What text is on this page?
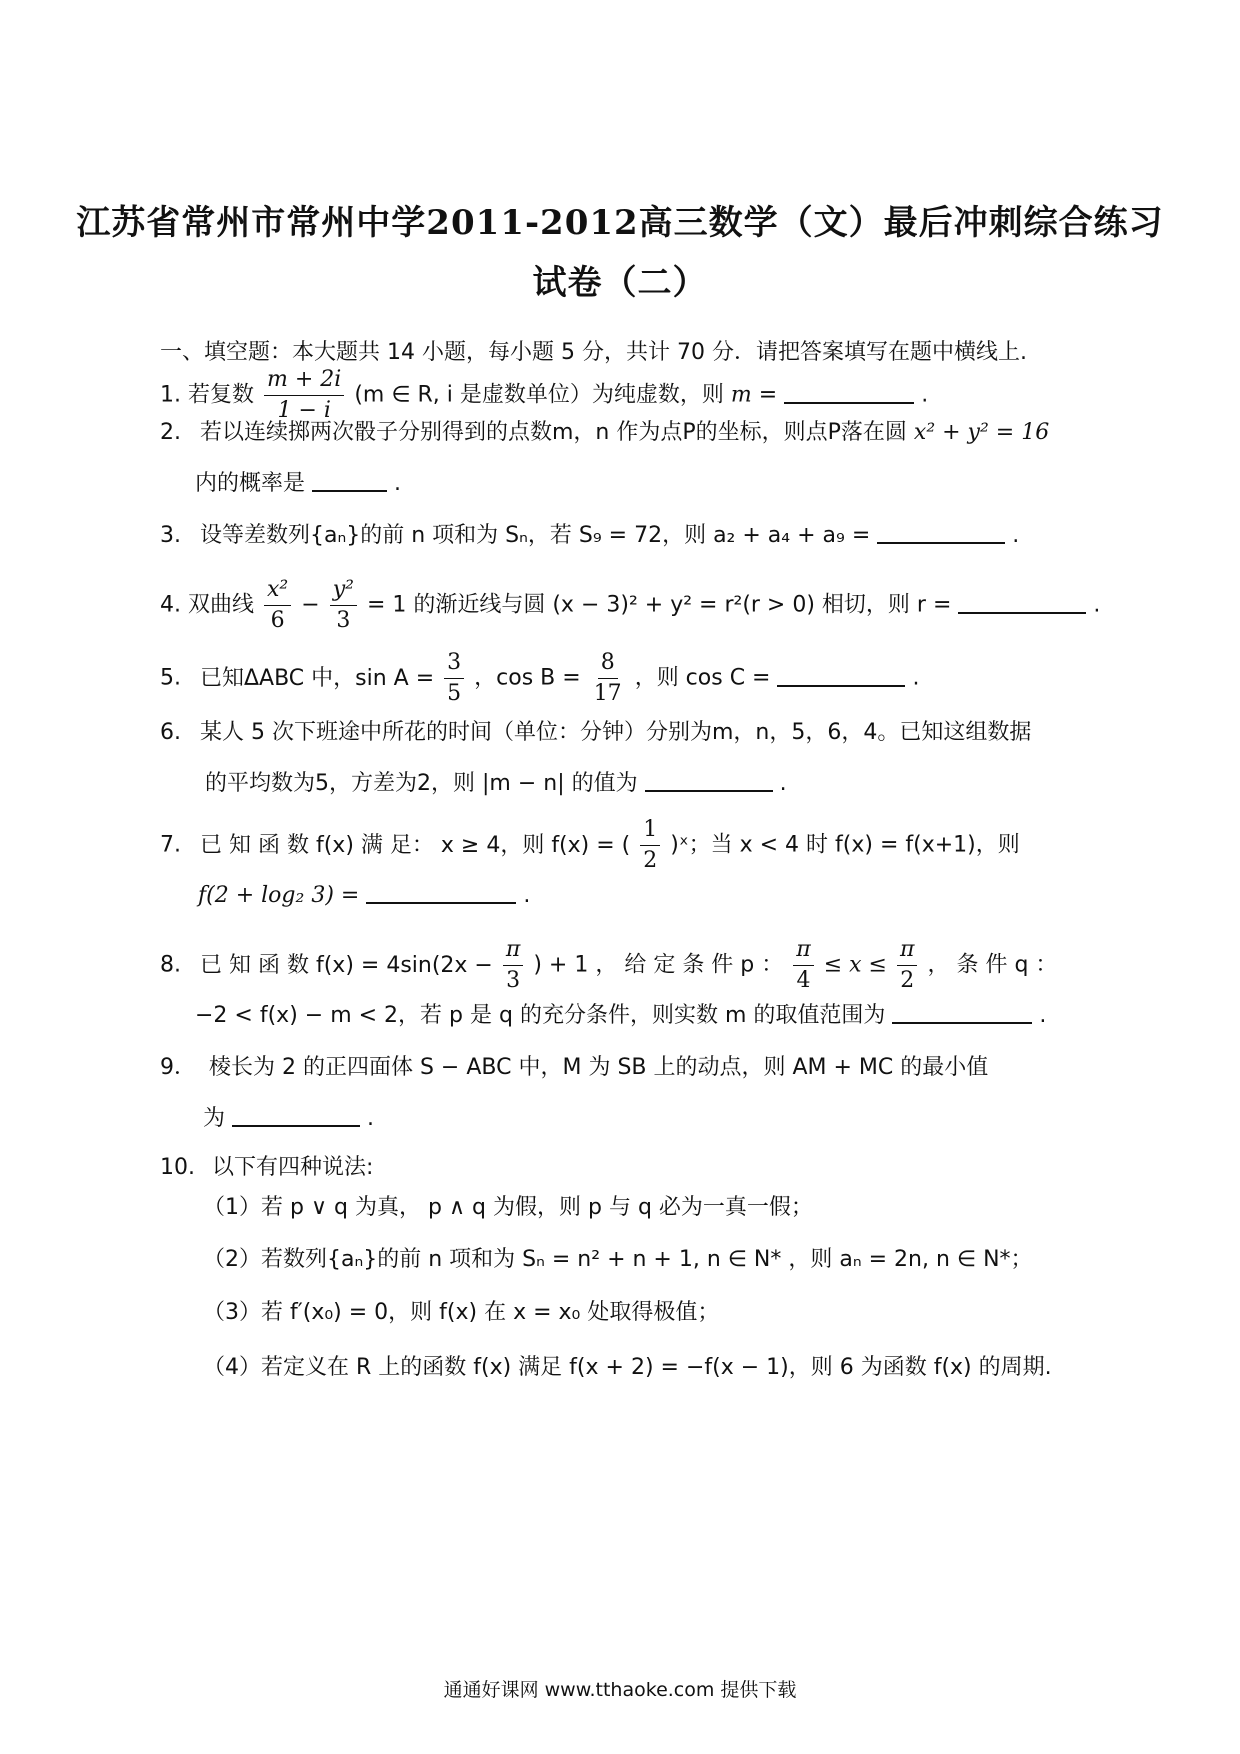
江苏省常州市常州中学2011-2012高三数学（文）最后冲刺综合练习
试卷（二）
一、填空题：本大题共 14 小题，每小题 5 分，共计 70 分．请把答案填写在题中横线上.
1. 若复数 $\frac{m + 2i}{1 - i} (m$ ∈ R, i 是虚数单位）为纯虚数，则 m =	.
2. 若以连续掷两次骰子分别得到的点数m，n 作为点P的坐标，则点P落在圆 x² + y² = 16
内的概率是	.
3. 设等差数列{aₙ}的前 n 项和为 Sₙ，若 S₉ = 72，则 a₂ + a₄ + a₉ =	.
4. 双曲线 $\frac{\text{x²}}{6} - \frac{\text{y²}}{3} = 1$ 的渐近线与圆 (x − 3)² + y² = r²(r > 0) 相切，则 r =	.
5. 已知ΔABC 中，$\sin A = \frac{3}{5}$ ，$\cos B = \frac{8}{17}$ ，则 cos C =	.
6. 某人 5 次下班途中所花的时间（单位：分钟）分别为m，n，5，6，4。已知这组数据
的平均数为5，方差为2，则 |m − n| 的值为	.
7. 已 知 函 数 f(x) 满 足： x ≥ 4，则 f(x) = ( $\frac{1}{2}$ )ˣ；当 x < 4 时 f(x) = f(x+1)，则
f(2 + log₂ 3) =	.
8. 已 知 函 数 $f(x) = 4\sin(2x - \frac{\pi}{3}$ ) + 1 ， 给 定 条 件 p ： $\frac{\pi}{4} \le x \le \frac{\pi}{2}$ ， 条 件 q ：
−2 < f(x) − m < 2，若 p 是 q 的充分条件，则实数 m 的取值范围为	.
9． 棱长为 2 的正四面体 S − ABC 中，M 为 SB 上的动点，则 AM + MC 的最小值
为	.
10. 以下有四种说法:
（1）若 p ∨ q 为真， p ∧ q 为假，则 p 与 q 必为一真一假；
（2）若数列{aₙ}的前 n 项和为 Sₙ = n² + n + 1, n ∈ N* ，则 aₙ = 2n, n ∈ N*；
（3）若 f′(x₀) = 0，则 f(x) 在 x = x₀ 处取得极值；
（4）若定义在 R 上的函数 f(x) 满足 f(x + 2) = −f(x − 1)，则 6 为函数 f(x) 的周期.
通通好课网 www.tthaoke.com 提供下载
